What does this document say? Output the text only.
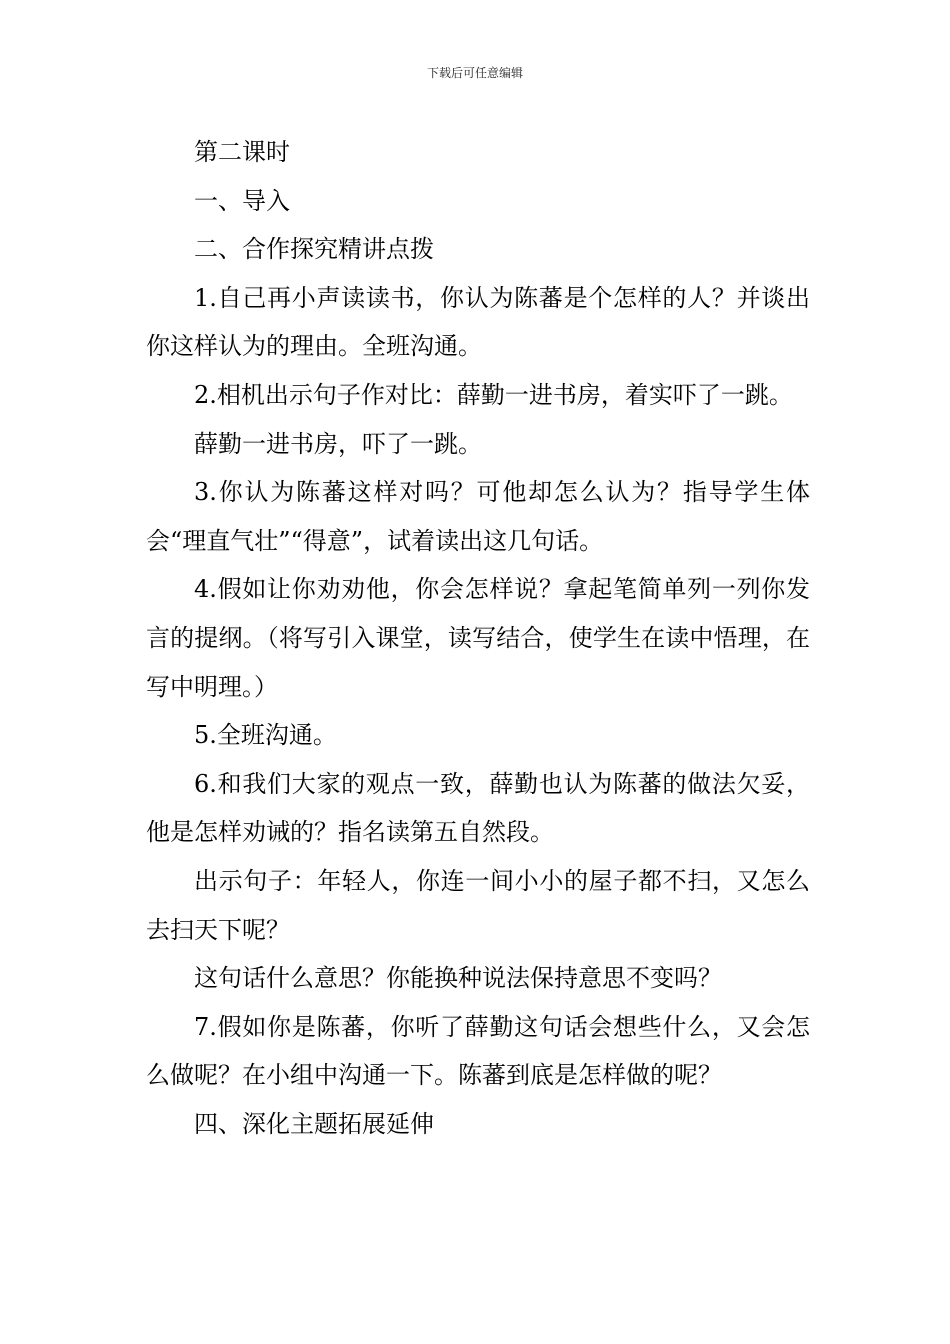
下载后可任意编辑

第二课时

一、导入

二、合作探究精讲点拨

1.自己再小声读读书，你认为陈蕃是个怎样的人？并谈出你这样认为的理由。全班沟通。

2.相机出示句子作对比：薛勤一进书房，着实吓了一跳。

薛勤一进书房，吓了一跳。

3.你认为陈蕃这样对吗？可他却怎么认为？指导学生体会“理直气壮”“得意”，试着读出这几句话。

4.假如让你劝劝他，你会怎样说？拿起笔简单列一列你发言的提纲。（将写引入课堂，读写结合，使学生在读中悟理，在写中明理。）

5.全班沟通。

6.和我们大家的观点一致，薛勤也认为陈蕃的做法欠妥，他是怎样劝诫的？指名读第五自然段。

出示句子：年轻人，你连一间小小的屋子都不扫，又怎么去扫天下呢？

这句话什么意思？你能换种说法保持意思不变吗？

7.假如你是陈蕃，你听了薛勤这句话会想些什么，又会怎么做呢？在小组中沟通一下。陈蕃到底是怎样做的呢？

四、深化主题拓展延伸
